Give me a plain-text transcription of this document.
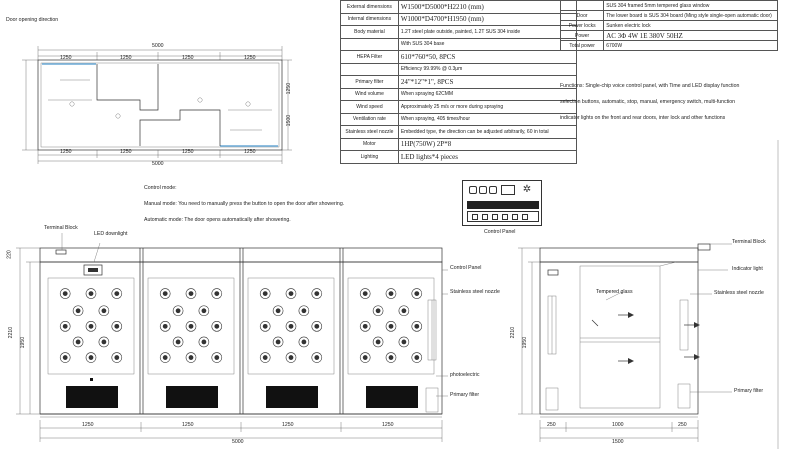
Door opening direction
1250	1250	1250	1250
5000
1250	1250	1250	1250
5000
1250
1500
External dimensions	W1500*D5000*H2210 (mm)
Internal dimensions	W1000*D4700*H1950 (mm)
Body material	1.2T steel plate outside, painted, 1.2T SUS 304 inside
	With SUS 304 base
HEPA Filter	610*760*50, 8PCS
	Efficiency 99.99% @ 0.3μm
Primary filter	24"*12"*1", 8PCS
Wind volume	When spraying 62CMM
Wind speed	Approximately 25 m/s or more during spraying
Ventilation rate	When spraying, 405 times/hour
Stainless steel nozzle	Embedded type, the direction can be adjusted arbitrarily, 60 in total
Motor	1HP(750W) 2P*8
Lighting	LED lights*4 pieces
	SUS 304 framed 5mm tempered glass window
Door	The lower board is SUS 304 board (Ming style single-open automatic door)
Power locks	Sunken electric lock
Power	AC 3Φ 4W 1E 380V 50HZ
Total power	6700W
Functions: Single-chip voice control panel, with Time and LED display function
selection buttons, automatic, stop, manual, emergency switch, multi-function
indicator lights on the front and rear doors, inter lock and other functions
Control mode:
Manual mode: You need to manually press the button to open the door after showering.
Automatic mode: The door opens automatically after showering.
✲
Control Panel
Terminal Block
LED downlight
Control Panel
Stainless steel nozzle
photoelectric
Primary filter
1250	1250	1250	1250
5000
220
2210
1950
Terminal Block
Indicator light
Tempered glass	Stainless steel nozzle
Primary filter
250	1000	250
1500
2210
1950
